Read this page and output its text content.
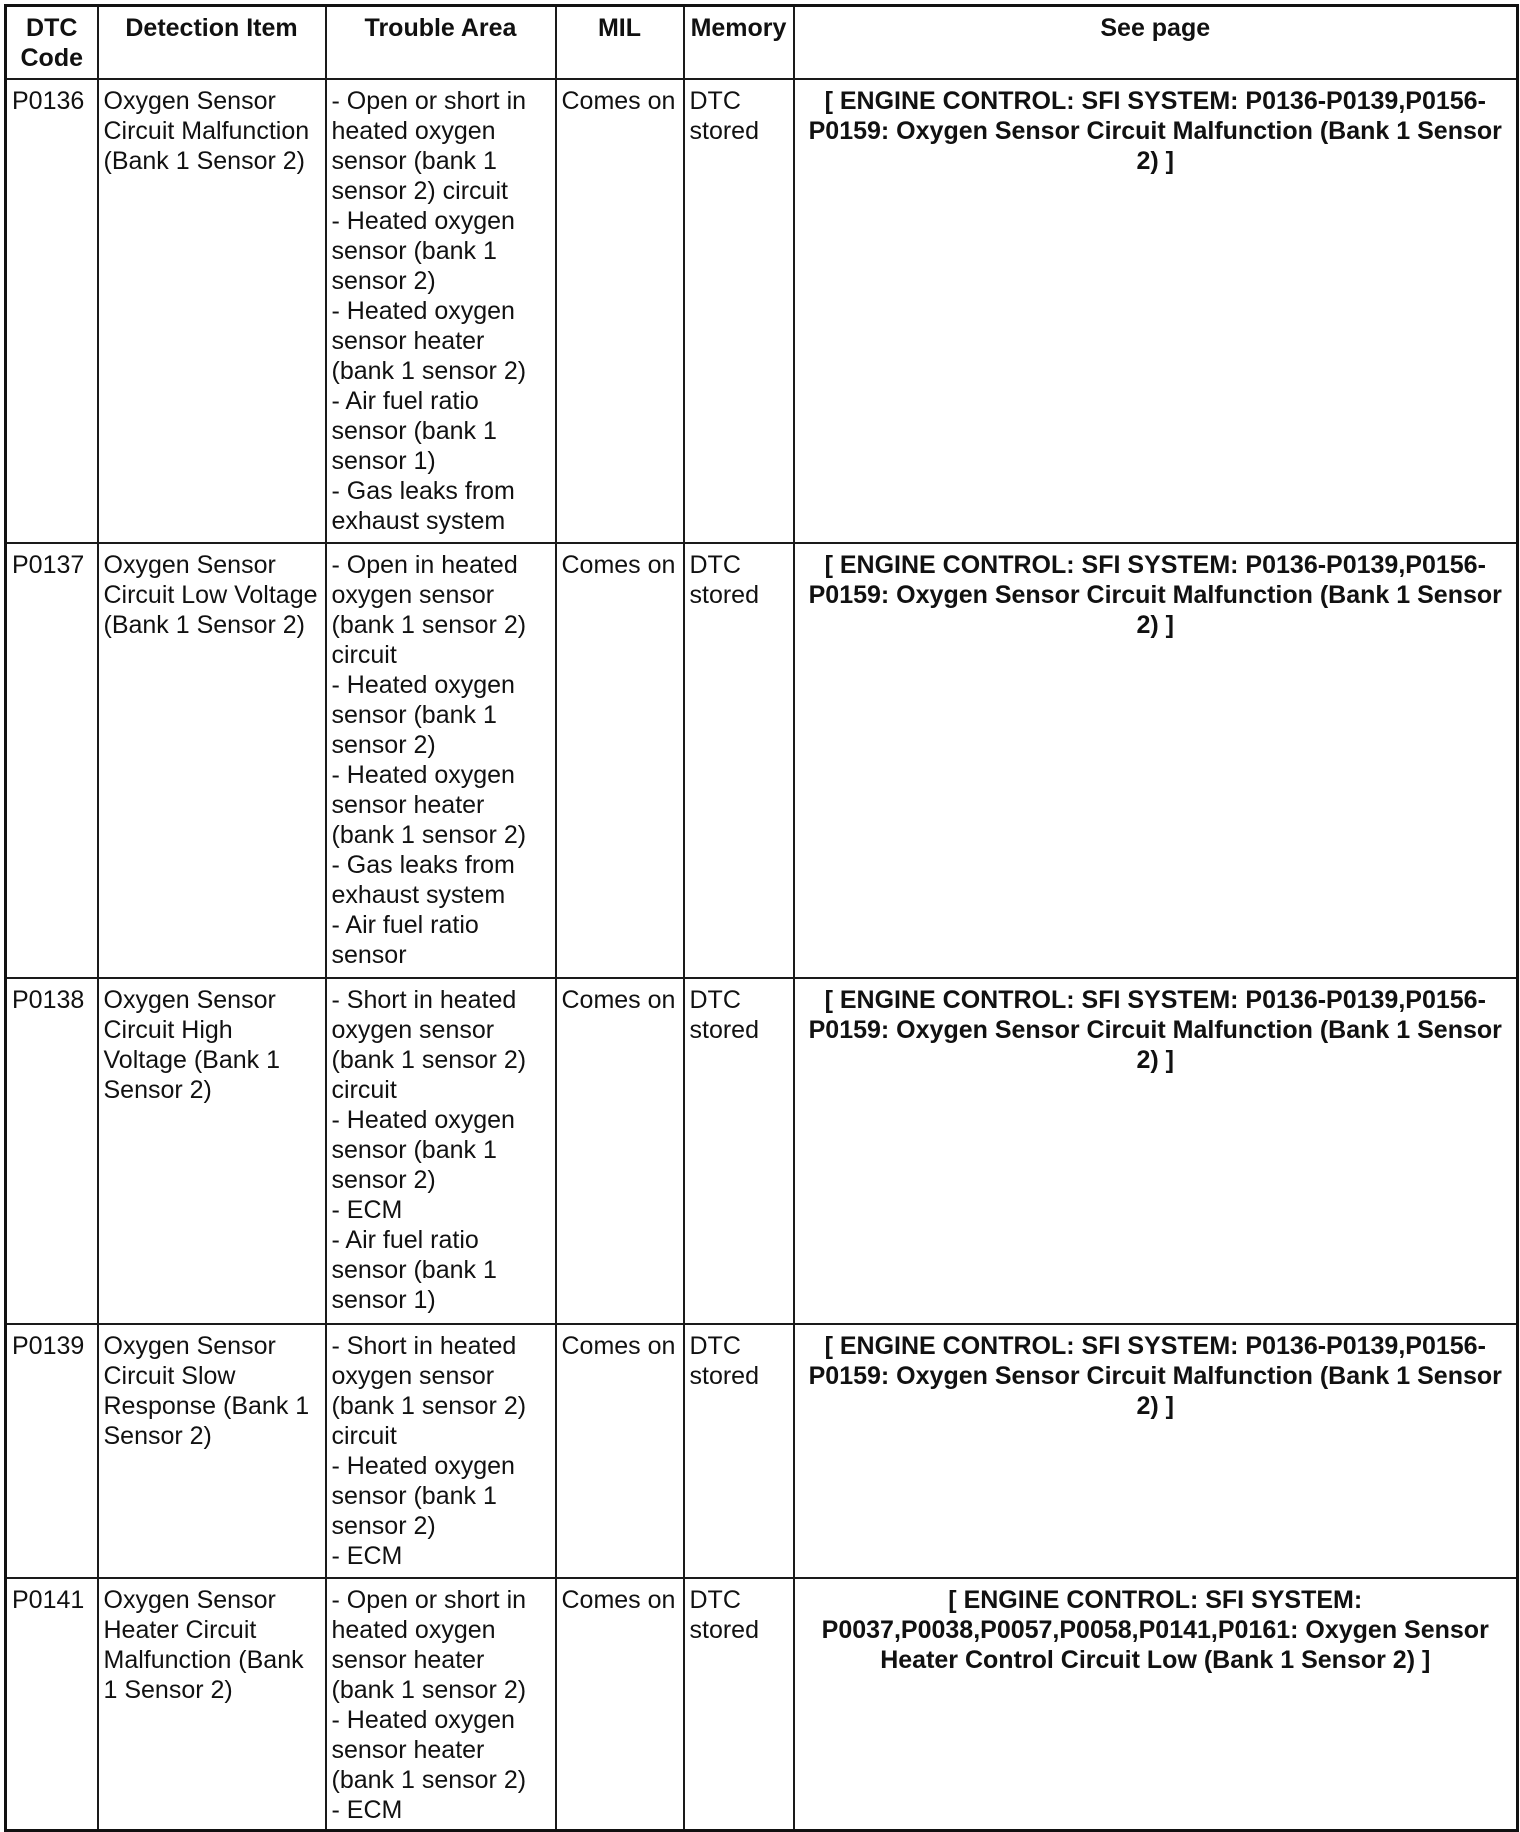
DTC Code	Detection Item	Trouble Area	MIL	Memory	See page
P0136	Oxygen Sensor Circuit Malfunction (Bank 1 Sensor 2)	- Open or short in heated oxygen sensor (bank 1 sensor 2) circuit
- Heated oxygen sensor (bank 1 sensor 2)
- Heated oxygen sensor heater (bank 1 sensor 2)
- Air fuel ratio sensor (bank 1 sensor 1)
- Gas leaks from exhaust system	Comes on	DTC stored	[ ENGINE CONTROL: SFI SYSTEM: P0136-P0139,P0156-P0159: Oxygen Sensor Circuit Malfunction (Bank 1 Sensor 2) ]
P0137	Oxygen Sensor Circuit Low Voltage (Bank 1 Sensor 2)	- Open in heated oxygen sensor (bank 1 sensor 2) circuit
- Heated oxygen sensor (bank 1 sensor 2)
- Heated oxygen sensor heater (bank 1 sensor 2)
- Gas leaks from exhaust system
- Air fuel ratio sensor	Comes on	DTC stored	[ ENGINE CONTROL: SFI SYSTEM: P0136-P0139,P0156-P0159: Oxygen Sensor Circuit Malfunction (Bank 1 Sensor 2) ]
P0138	Oxygen Sensor Circuit High Voltage (Bank 1 Sensor 2)	- Short in heated oxygen sensor (bank 1 sensor 2) circuit
- Heated oxygen sensor (bank 1 sensor 2)
- ECM
- Air fuel ratio sensor (bank 1 sensor 1)	Comes on	DTC stored	[ ENGINE CONTROL: SFI SYSTEM: P0136-P0139,P0156-P0159: Oxygen Sensor Circuit Malfunction (Bank 1 Sensor 2) ]
P0139	Oxygen Sensor Circuit Slow Response (Bank 1 Sensor 2)	- Short in heated oxygen sensor (bank 1 sensor 2) circuit
- Heated oxygen sensor (bank 1 sensor 2)
- ECM	Comes on	DTC stored	[ ENGINE CONTROL: SFI SYSTEM: P0136-P0139,P0156-P0159: Oxygen Sensor Circuit Malfunction (Bank 1 Sensor 2) ]
P0141	Oxygen Sensor Heater Circuit Malfunction (Bank 1 Sensor 2)	- Open or short in heated oxygen sensor heater (bank 1 sensor 2)
- Heated oxygen sensor heater (bank 1 sensor 2)
- ECM	Comes on	DTC stored	[ ENGINE CONTROL: SFI SYSTEM: P0037,P0038,P0057,P0058,P0141,P0161: Oxygen Sensor Heater Control Circuit Low (Bank 1 Sensor 2) ]
